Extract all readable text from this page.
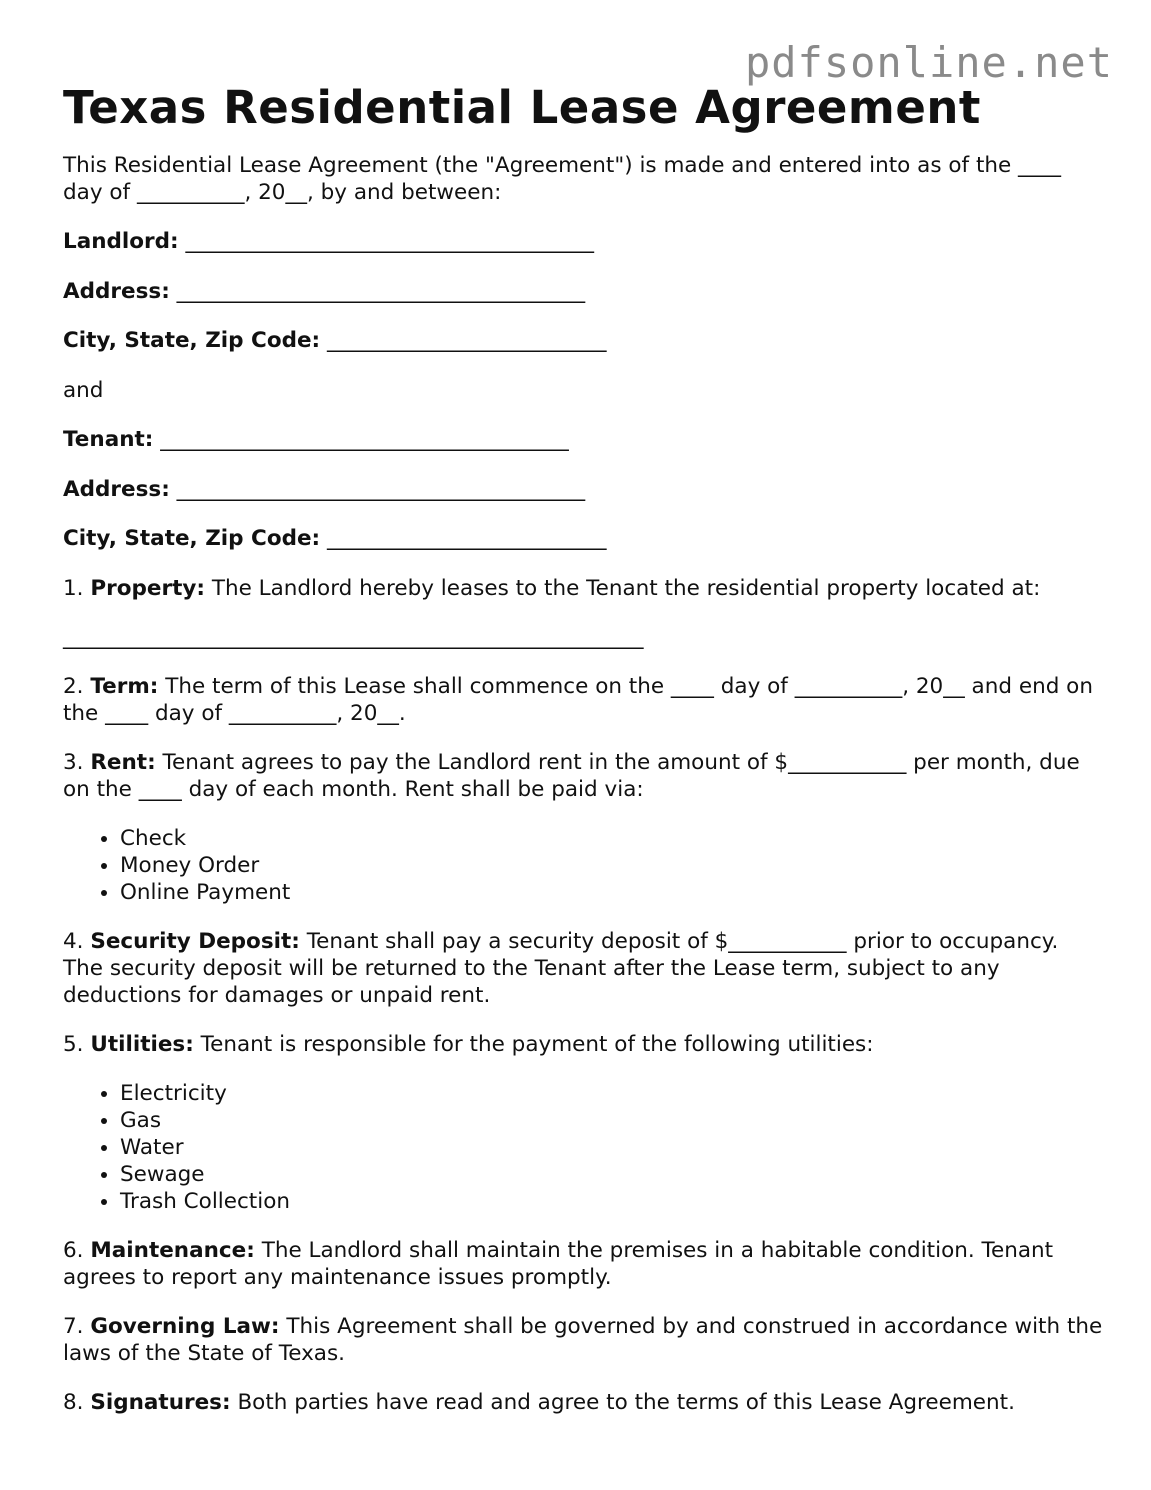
pdfsonline.net
Texas Residential Lease Agreement

This Residential Lease Agreement (the "Agreement") is made and entered into as of the ____ day of __________, 20__, by and between:

Landlord: ______________________________________

Address: ______________________________________

City, State, Zip Code: __________________________

and

Tenant: ______________________________________

Address: ______________________________________

City, State, Zip Code: __________________________

1. Property: The Landlord hereby leases to the Tenant the residential property located at:

______________________________________________________

2. Term: The term of this Lease shall commence on the ____ day of __________, 20__ and end on the ____ day of __________, 20__.

3. Rent: Tenant agrees to pay the Landlord rent in the amount of $___________ per month, due on the ____ day of each month. Rent shall be paid via:

• Check
• Money Order
• Online Payment

4. Security Deposit: Tenant shall pay a security deposit of $___________ prior to occupancy. The security deposit will be returned to the Tenant after the Lease term, subject to any deductions for damages or unpaid rent.

5. Utilities: Tenant is responsible for the payment of the following utilities:

• Electricity
• Gas
• Water
• Sewage
• Trash Collection

6. Maintenance: The Landlord shall maintain the premises in a habitable condition. Tenant agrees to report any maintenance issues promptly.

7. Governing Law: This Agreement shall be governed by and construed in accordance with the laws of the State of Texas.

8. Signatures: Both parties have read and agree to the terms of this Lease Agreement.
